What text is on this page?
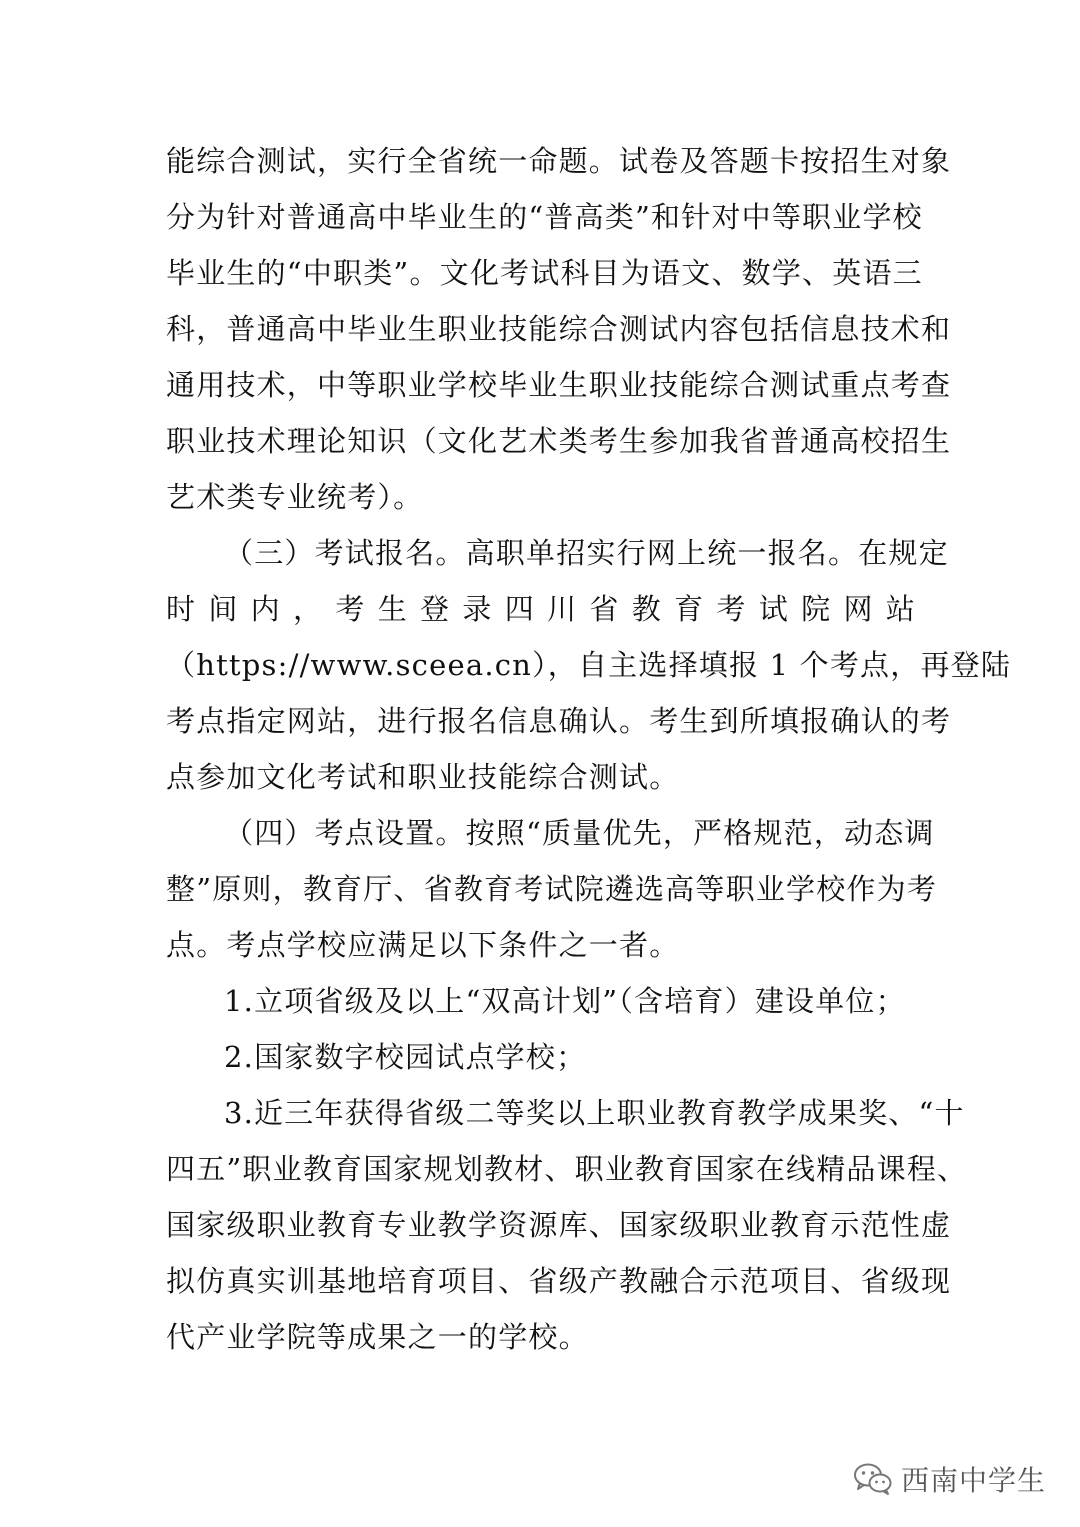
能综合测试，实行全省统一命题。试卷及答题卡按招生对象
分为针对普通高中毕业生的“普高类”和针对中等职业学校
毕业生的“中职类”。文化考试科目为语文、数学、英语三
科，普通高中毕业生职业技能综合测试内容包括信息技术和
通用技术，中等职业学校毕业生职业技能综合测试重点考查
职业技术理论知识（文化艺术类考生参加我省普通高校招生
艺术类专业统考）。
（三）考试报名。高职单招实行网上统一报名。在规定
时 间 内 ， 考 生 登 录 四 川 省 教 育 考 试 院 网 站
（https://www.sceea.cn），自主选择填报 1 个考点，再登陆
考点指定网站，进行报名信息确认。考生到所填报确认的考
点参加文化考试和职业技能综合测试。
（四）考点设置。按照“质量优先，严格规范，动态调
整”原则，教育厅、省教育考试院遴选高等职业学校作为考
点。考点学校应满足以下条件之一者。
1.立项省级及以上“双高计划”（含培育）建设单位；
2.国家数字校园试点学校；
3.近三年获得省级二等奖以上职业教育教学成果奖、“十
四五”职业教育国家规划教材、职业教育国家在线精品课程、
国家级职业教育专业教学资源库、国家级职业教育示范性虚
拟仿真实训基地培育项目、省级产教融合示范项目、省级现
代产业学院等成果之一的学校。
西南中学生
